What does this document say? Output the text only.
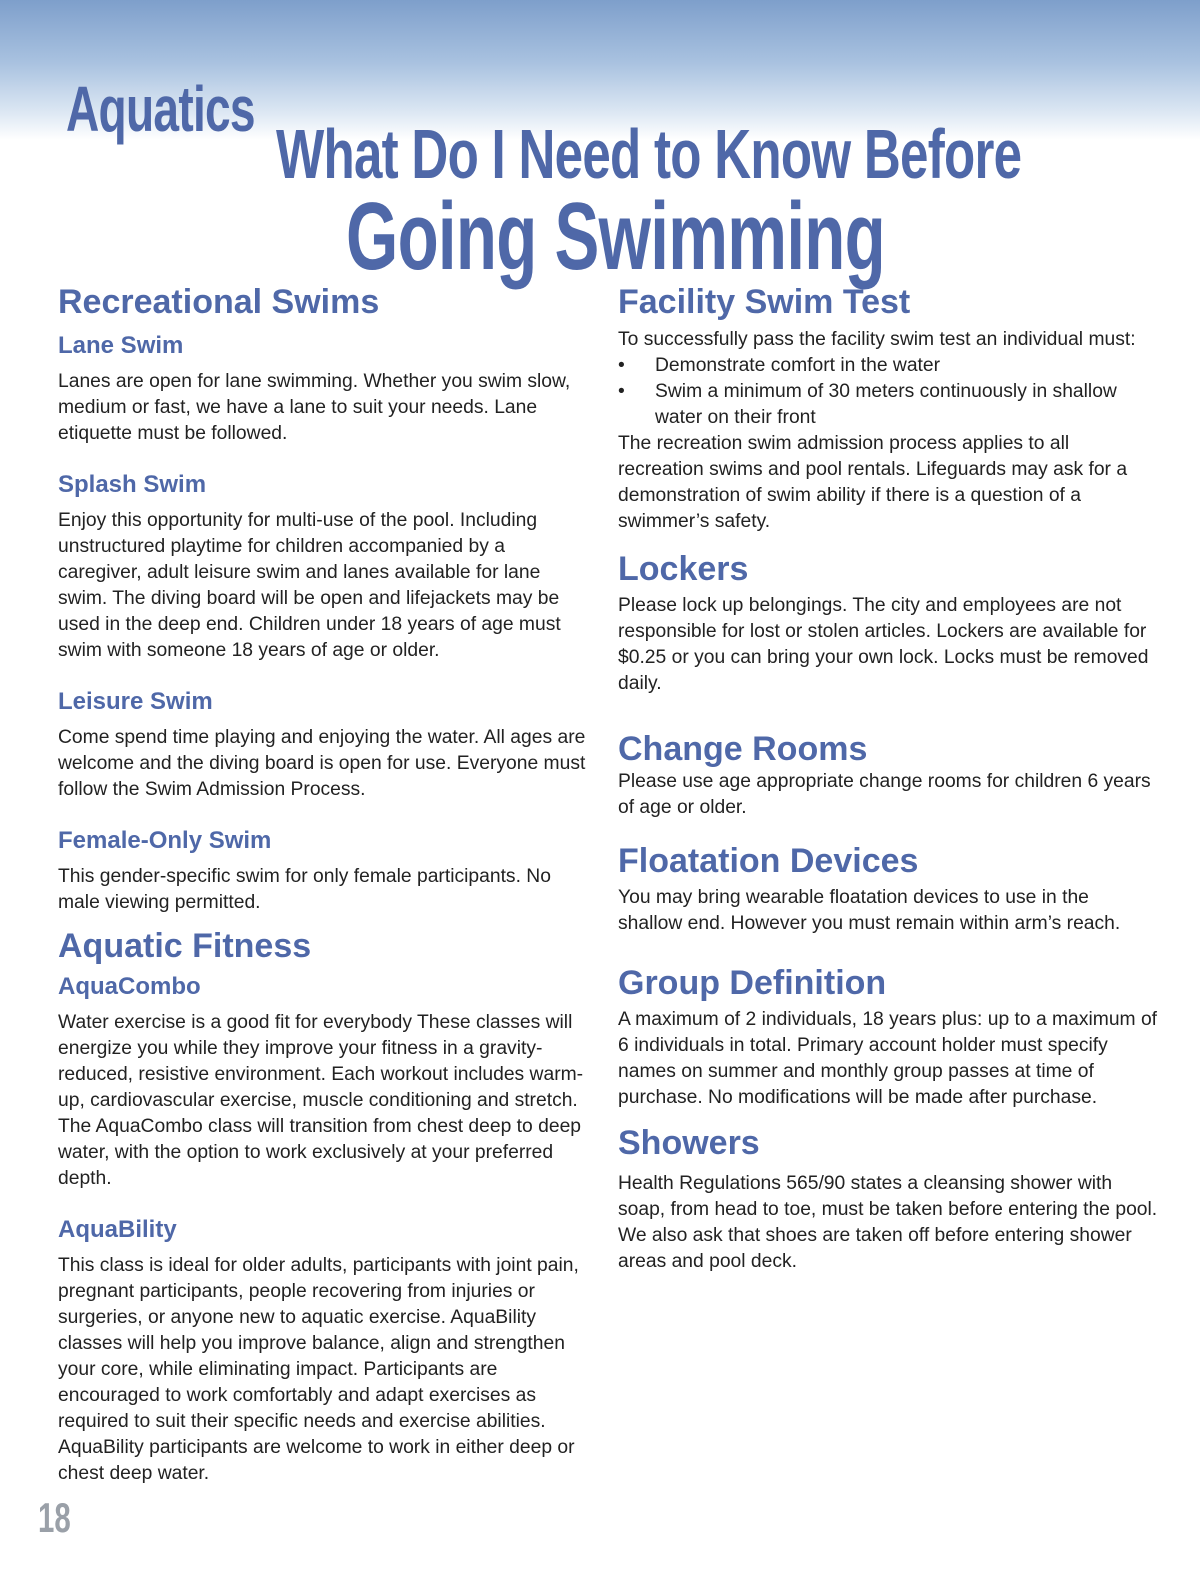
Aquatics
What Do I Need to Know Before
Going Swimming
Recreational Swims
Lane Swim

Lanes are open for lane swimming. Whether you swim slow, medium or fast, we have a lane to suit your needs. Lane etiquette must be followed.

Splash Swim

Enjoy this opportunity for multi-use of the pool. Including unstructured playtime for children accompanied by a caregiver, adult leisure swim and lanes available for lane swim. The diving board will be open and lifejackets may be used in the deep end. Children under 18 years of age must swim with someone 18 years of age or older.

Leisure Swim

Come spend time playing and enjoying the water. All ages are welcome and the diving board is open for use. Everyone must follow the Swim Admission Process.

Female-Only Swim

This gender-specific swim for only female participants. No male viewing permitted.

Aquatic Fitness
AquaCombo

Water exercise is a good fit for everybody These classes will energize you while they improve your fitness in a gravity-reduced, resistive environment. Each workout includes warm-up, cardiovascular exercise, muscle conditioning and stretch. The AquaCombo class will transition from chest deep to deep water, with the option to work exclusively at your preferred depth.

AquaBility

This class is ideal for older adults, participants with joint pain, pregnant participants, people recovering from injuries or surgeries, or anyone new to aquatic exercise. AquaBility classes will help you improve balance, align and strengthen your core, while eliminating impact. Participants are encouraged to work comfortably and adapt exercises as required to suit their specific needs and exercise abilities. AquaBility participants are welcome to work in either deep or chest deep water.

Facility Swim Test

To successfully pass the facility swim test an individual must:

• Demonstrate comfort in the water
• Swim a minimum of 30 meters continuously in shallow water on their front

The recreation swim admission process applies to all recreation swims and pool rentals. Lifeguards may ask for a demonstration of swim ability if there is a question of a swimmer’s safety.

Lockers

Please lock up belongings. The city and employees are not responsible for lost or stolen articles. Lockers are available for $0.25 or you can bring your own lock. Locks must be removed daily.

Change Rooms

Please use age appropriate change rooms for children 6 years of age or older.

Floatation Devices

You may bring wearable floatation devices to use in the shallow end. However you must remain within arm’s reach.

Group Definition

A maximum of 2 individuals, 18 years plus: up to a maximum of 6 individuals in total. Primary account holder must specify names on summer and monthly group passes at time of purchase. No modifications will be made after purchase.

Showers

Health Regulations 565/90 states a cleansing shower with soap, from head to toe, must be taken before entering the pool. We also ask that shoes are taken off before entering shower areas and pool deck.

18
